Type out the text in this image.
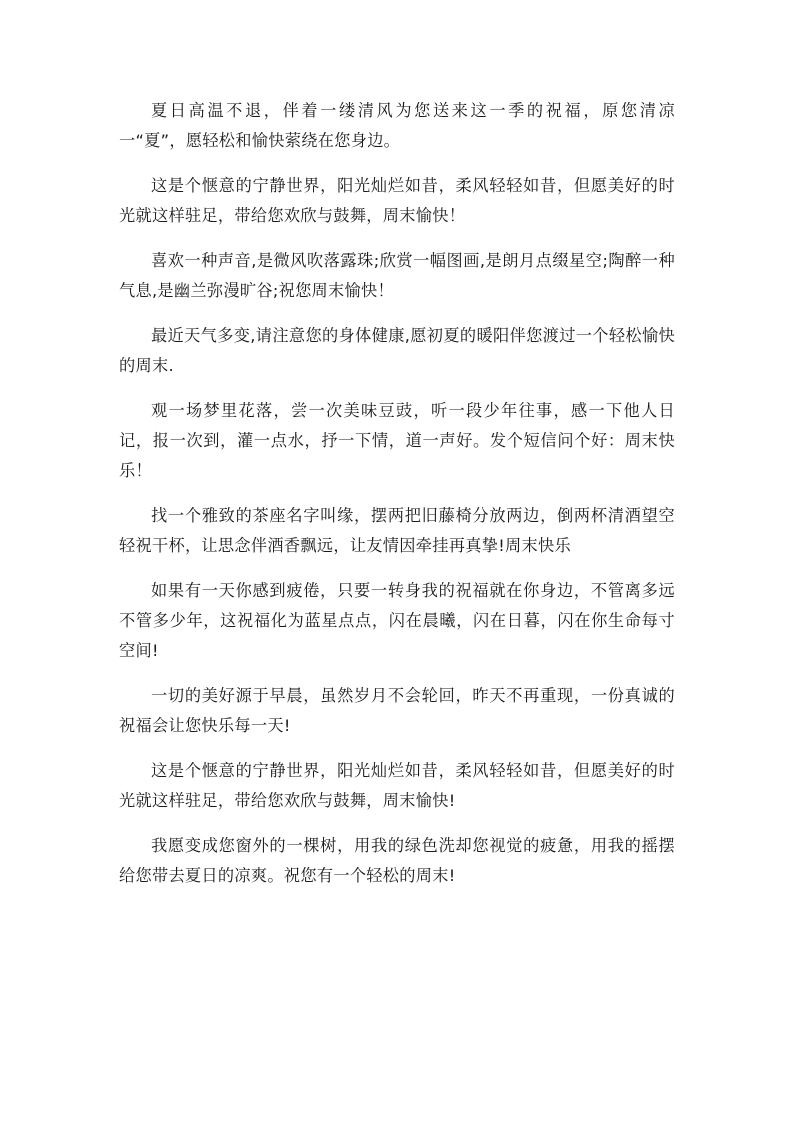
夏日高温不退，伴着一缕清风为您送来这一季的祝福，原您清凉一“夏”，愿轻松和愉快萦绕在您身边。

这是个惬意的宁静世界，阳光灿烂如昔，柔风轻轻如昔，但愿美好的时光就这样驻足，带给您欢欣与鼓舞，周末愉快！

喜欢一种声音,是微风吹落露珠;欣赏一幅图画,是朗月点缀星空;陶醉一种气息,是幽兰弥漫旷谷;祝您周末愉快！

最近天气多变,请注意您的身体健康,愿初夏的暖阳伴您渡过一个轻松愉快的周末.

观一场梦里花落，尝一次美味豆豉，听一段少年往事，感一下他人日记，报一次到，灌一点水，抒一下情，道一声好。发个短信问个好：周末快乐！

找一个雅致的茶座名字叫缘，摆两把旧藤椅分放两边，倒两杯清酒望空轻祝干杯，让思念伴酒香飘远，让友情因牵挂再真挚!周末快乐

如果有一天你感到疲倦，只要一转身我的祝福就在你身边，不管离多远不管多少年，这祝福化为蓝星点点，闪在晨曦，闪在日暮，闪在你生命每寸空间!

一切的美好源于早晨，虽然岁月不会轮回，昨天不再重现，一份真诚的祝福会让您快乐每一天!

这是个惬意的宁静世界，阳光灿烂如昔，柔风轻轻如昔，但愿美好的时光就这样驻足，带给您欢欣与鼓舞，周末愉快!

我愿变成您窗外的一棵树，用我的绿色洗却您视觉的疲惫，用我的摇摆给您带去夏日的凉爽。祝您有一个轻松的周末!
